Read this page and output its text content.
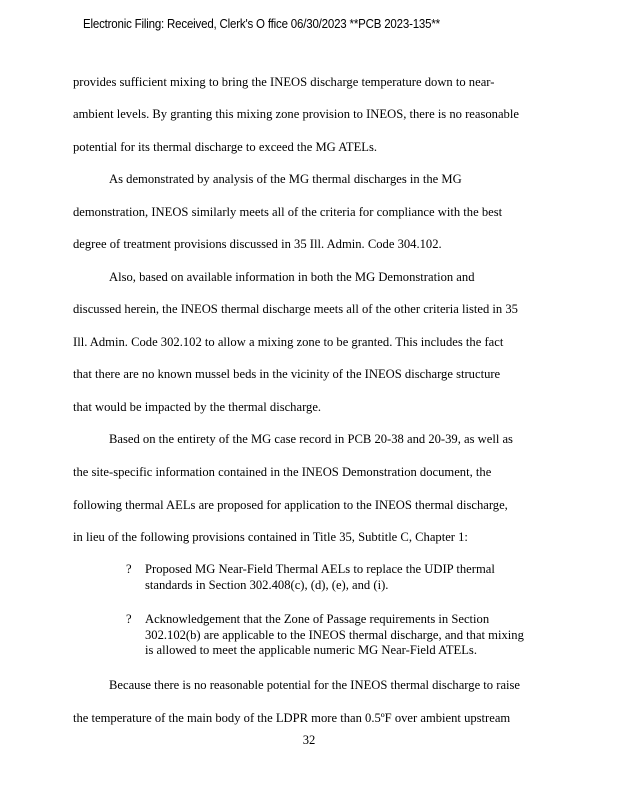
Electronic Filing: Received, Clerk's O ffice 06/30/2023 **PCB 2023-135**
provides sufficient mixing to bring the INEOS discharge temperature down to near-
ambient levels. By granting this mixing zone provision to INEOS, there is no reasonable
potential for its thermal discharge to exceed the MG ATELs.
As demonstrated by analysis of the MG thermal discharges in the MG
demonstration, INEOS similarly meets all of the criteria for compliance with the best
degree of treatment provisions discussed in 35 Ill. Admin. Code 304.102.
Also, based on available information in both the MG Demonstration and
discussed herein, the INEOS thermal discharge meets all of the other criteria listed in 35
Ill. Admin. Code 302.102 to allow a mixing zone to be granted. This includes the fact
that there are no known mussel beds in the vicinity of the INEOS discharge structure
that would be impacted by the thermal discharge.
Based on the entirety of the MG case record in PCB 20-38 and 20-39, as well as
the site-specific information contained in the INEOS Demonstration document, the
following thermal AELs are proposed for application to the INEOS thermal discharge,
in lieu of the following provisions contained in Title 35, Subtitle C, Chapter 1:
? Proposed MG Near-Field Thermal AELs to replace the UDIP thermal
standards in Section 302.408(c), (d), (e), and (i).
? Acknowledgement that the Zone of Passage requirements in Section
302.102(b) are applicable to the INEOS thermal discharge, and that mixing
is allowed to meet the applicable numeric MG Near-Field ATELs.
Because there is no reasonable potential for the INEOS thermal discharge to raise
the temperature of the main body of the LDPR more than 0.5ºF over ambient upstream
32
